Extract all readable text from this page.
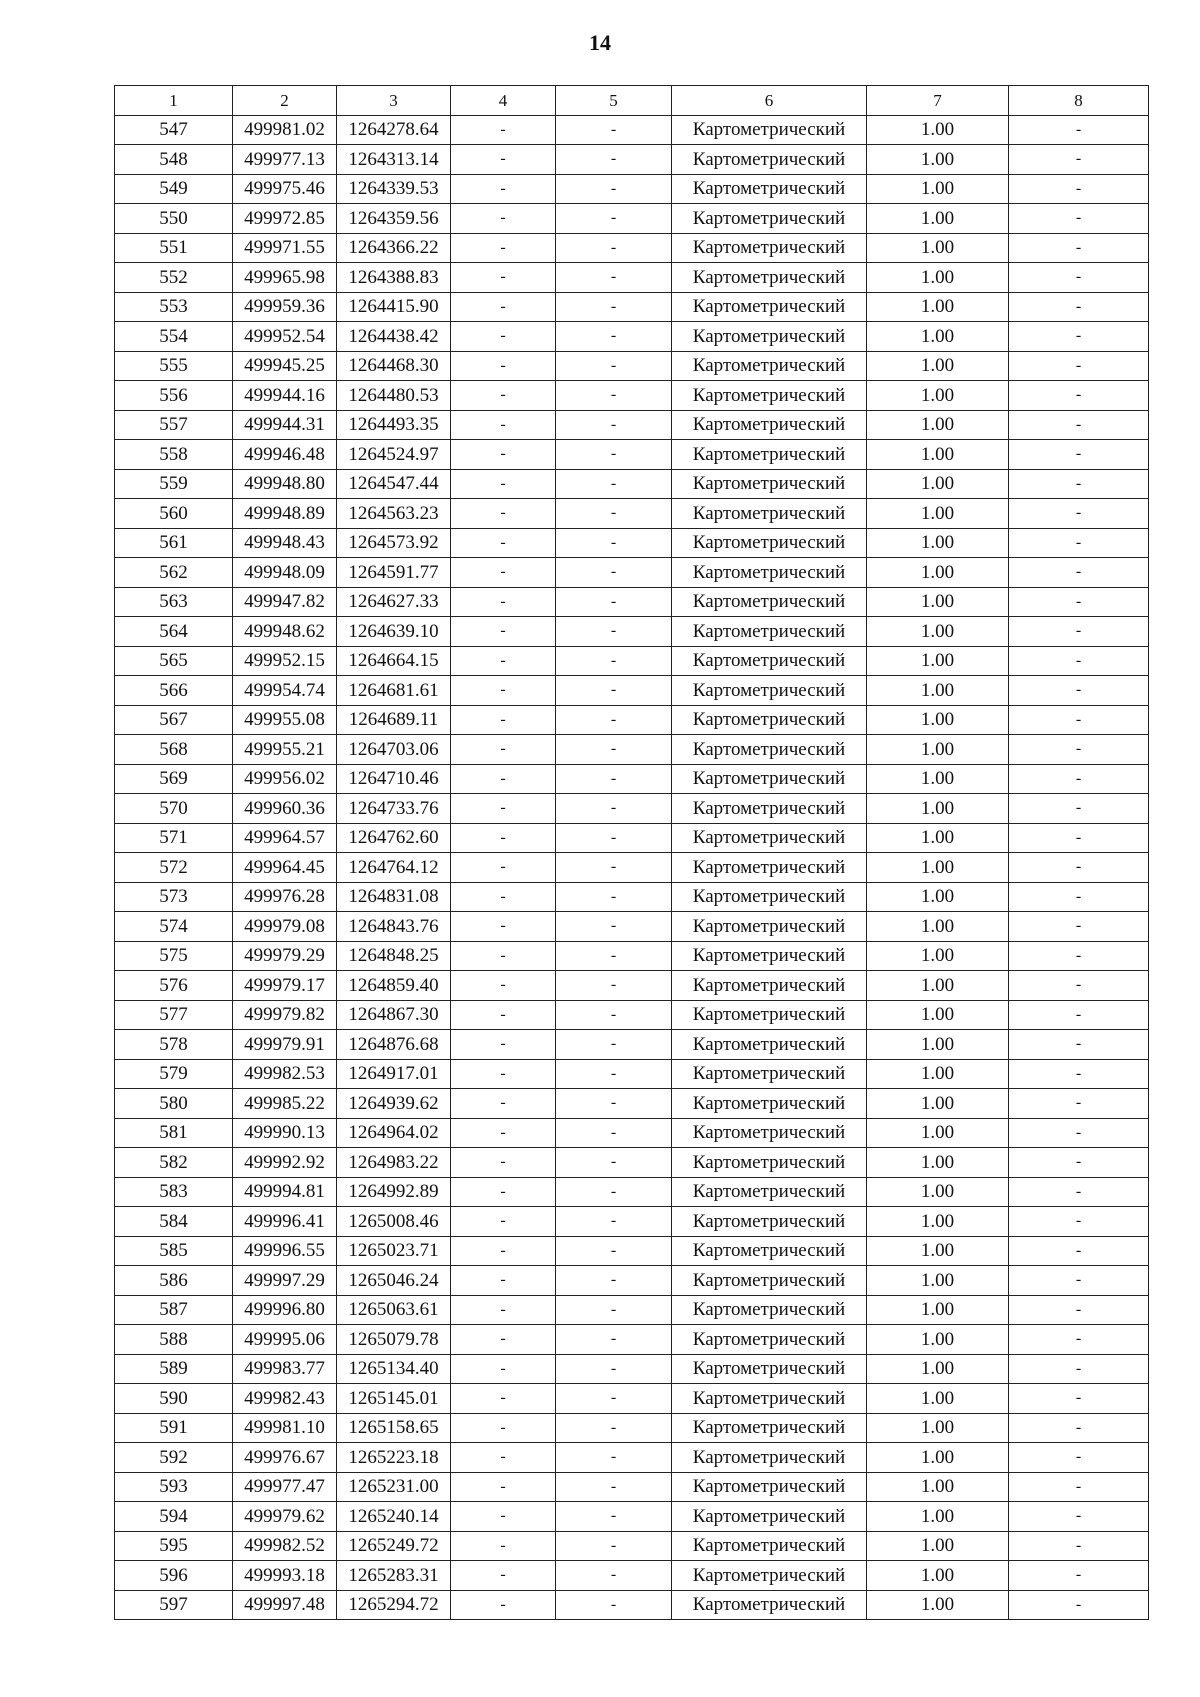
14
1	2	3	4	5	6	7	8
547	499981.02	1264278.64	-	-	Картометрический	1.00	-
548	499977.13	1264313.14	-	-	Картометрический	1.00	-
549	499975.46	1264339.53	-	-	Картометрический	1.00	-
550	499972.85	1264359.56	-	-	Картометрический	1.00	-
551	499971.55	1264366.22	-	-	Картометрический	1.00	-
552	499965.98	1264388.83	-	-	Картометрический	1.00	-
553	499959.36	1264415.90	-	-	Картометрический	1.00	-
554	499952.54	1264438.42	-	-	Картометрический	1.00	-
555	499945.25	1264468.30	-	-	Картометрический	1.00	-
556	499944.16	1264480.53	-	-	Картометрический	1.00	-
557	499944.31	1264493.35	-	-	Картометрический	1.00	-
558	499946.48	1264524.97	-	-	Картометрический	1.00	-
559	499948.80	1264547.44	-	-	Картометрический	1.00	-
560	499948.89	1264563.23	-	-	Картометрический	1.00	-
561	499948.43	1264573.92	-	-	Картометрический	1.00	-
562	499948.09	1264591.77	-	-	Картометрический	1.00	-
563	499947.82	1264627.33	-	-	Картометрический	1.00	-
564	499948.62	1264639.10	-	-	Картометрический	1.00	-
565	499952.15	1264664.15	-	-	Картометрический	1.00	-
566	499954.74	1264681.61	-	-	Картометрический	1.00	-
567	499955.08	1264689.11	-	-	Картометрический	1.00	-
568	499955.21	1264703.06	-	-	Картометрический	1.00	-
569	499956.02	1264710.46	-	-	Картометрический	1.00	-
570	499960.36	1264733.76	-	-	Картометрический	1.00	-
571	499964.57	1264762.60	-	-	Картометрический	1.00	-
572	499964.45	1264764.12	-	-	Картометрический	1.00	-
573	499976.28	1264831.08	-	-	Картометрический	1.00	-
574	499979.08	1264843.76	-	-	Картометрический	1.00	-
575	499979.29	1264848.25	-	-	Картометрический	1.00	-
576	499979.17	1264859.40	-	-	Картометрический	1.00	-
577	499979.82	1264867.30	-	-	Картометрический	1.00	-
578	499979.91	1264876.68	-	-	Картометрический	1.00	-
579	499982.53	1264917.01	-	-	Картометрический	1.00	-
580	499985.22	1264939.62	-	-	Картометрический	1.00	-
581	499990.13	1264964.02	-	-	Картометрический	1.00	-
582	499992.92	1264983.22	-	-	Картометрический	1.00	-
583	499994.81	1264992.89	-	-	Картометрический	1.00	-
584	499996.41	1265008.46	-	-	Картометрический	1.00	-
585	499996.55	1265023.71	-	-	Картометрический	1.00	-
586	499997.29	1265046.24	-	-	Картометрический	1.00	-
587	499996.80	1265063.61	-	-	Картометрический	1.00	-
588	499995.06	1265079.78	-	-	Картометрический	1.00	-
589	499983.77	1265134.40	-	-	Картометрический	1.00	-
590	499982.43	1265145.01	-	-	Картометрический	1.00	-
591	499981.10	1265158.65	-	-	Картометрический	1.00	-
592	499976.67	1265223.18	-	-	Картометрический	1.00	-
593	499977.47	1265231.00	-	-	Картометрический	1.00	-
594	499979.62	1265240.14	-	-	Картометрический	1.00	-
595	499982.52	1265249.72	-	-	Картометрический	1.00	-
596	499993.18	1265283.31	-	-	Картометрический	1.00	-
597	499997.48	1265294.72	-	-	Картометрический	1.00	-
